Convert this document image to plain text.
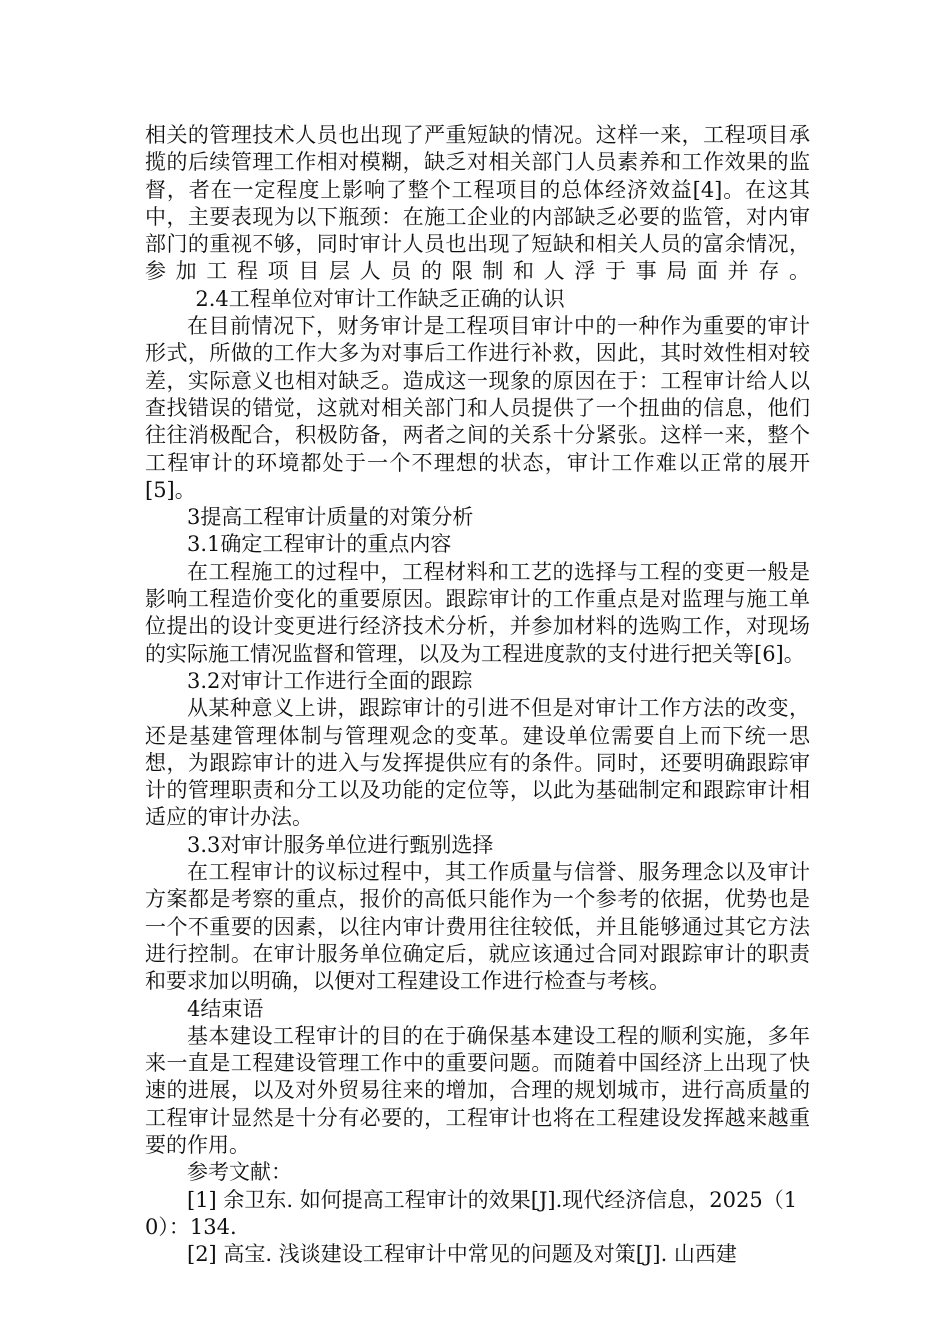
相关的管理技术人员也出现了严重短缺的情况。这样一来，工程项目承揽的后续管理工作相对模糊，缺乏对相关部门人员素养和工作效果的监督，者在一定程度上影响了整个工程项目的总体经济效益[4]。在这其中，主要表现为以下瓶颈：在施工企业的内部缺乏必要的监管，对内审部门的重视不够，同时审计人员也出现了短缺和相关人员的富余情况，参加工程项目层人员的限制和人浮于事局面并存。2.4工程单位对审计工作缺乏正确的认识

在目前情况下，财务审计是工程项目审计中的一种作为重要的审计形式，所做的工作大多为对事后工作进行补救，因此，其时效性相对较差，实际意义也相对缺乏。造成这一现象的原因在于：工程审计给人以查找错误的错觉，这就对相关部门和人员提供了一个扭曲的信息，他们往往消极配合，积极防备，两者之间的关系十分紧张。这样一来，整个工程审计的环境都处于一个不理想的状态，审计工作难以正常的展开[5]。

3提高工程审计质量的对策分析
3.1确定工程审计的重点内容

在工程施工的过程中，工程材料和工艺的选择与工程的变更一般是影响工程造价变化的重要原因。跟踪审计的工作重点是对监理与施工单位提出的设计变更进行经济技术分析，并参加材料的选购工作，对现场的实际施工情况监督和管理，以及为工程进度款的支付进行把关等[6]。

3.2对审计工作进行全面的跟踪

从某种意义上讲，跟踪审计的引进不但是对审计工作方法的改变，还是基建管理体制与管理观念的变革。建设单位需要自上而下统一思想，为跟踪审计的进入与发挥提供应有的条件。同时，还要明确跟踪审计的管理职责和分工以及功能的定位等，以此为基础制定和跟踪审计相适应的审计办法。

3.3对审计服务单位进行甄别选择

在工程审计的议标过程中，其工作质量与信誉、服务理念以及审计方案都是考察的重点，报价的高低只能作为一个参考的依据，优势也是一个不重要的因素，以往内审计费用往往较低，并且能够通过其它方法进行控制。在审计服务单位确定后，就应该通过合同对跟踪审计的职责和要求加以明确，以便对工程建设工作进行检查与考核。

4结束语

基本建设工程审计的目的在于确保基本建设工程的顺利实施，多年来一直是工程建设管理工作中的重要问题。而随着中国经济上出现了快速的进展，以及对外贸易往来的增加，合理的规划城市，进行高质量的工程审计显然是十分有必要的，工程审计也将在工程建设发挥越来越重要的作用。

参考文献：

[1] 余卫东. 如何提高工程审计的效果[J].现代经济信息，2025（10）：134.

[2] 高宝. 浅谈建设工程审计中常见的问题及对策[J]. 山西建
